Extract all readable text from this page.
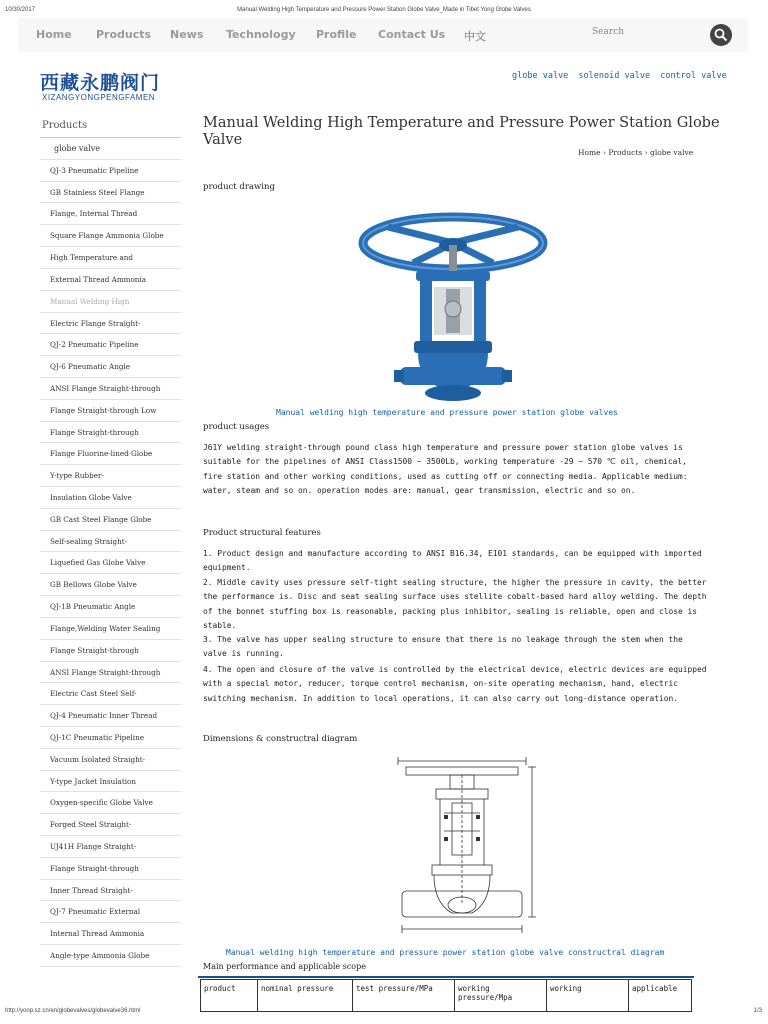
10/30/2017	Manual Welding High Temperature and Pressure Power Station Globe Valve_Made in Tibet Yong Globe Valves
Home Products News Technology Profile Contact Us 中文	Search
西藏永鹏阀门
XIZANGYONGPENGFAMEN
globe valve solenoid valve control valve
Products
globe valve
QJ-3 Pneumatic Pipeline
GB Stainless Steel Flange
Flange, Internal Thread
Square Flange Ammonia Globe
High Temperature and
External Thread Ammonia
Manual Welding High
Electric Flange Straight-
QJ-2 Pneumatic Pipeline
QJ-6 Pneumatic Angle
ANSI Flange Straight-through
Flange Straight-through Low
Flange Straight-through
Flange Fluorine-lined Globe
Y-type Rubber-
Insulation Globe Valve
GB Cast Steel Flange Globe
Self-sealing Straight-
Liquefied Gas Globe Valve
GB Bellows Globe Valve
QJ-1B Pneumatic Angle
Flange,Welding Water Sealing
Flange Straight-through
ANSI Flange Straight-through
Electric Cast Steel Self-
QJ-4 Pneumatic Inner Thread
QJ-1C Pneumatic Pipeline
Vacuum Isolated Straight-
Y-type Jacket Insulation
Oxygen-specific Globe Valve
Forged Steel Straight-
UJ41H Flange Straight-
Flange Straight-through
Inner Thread Straight-
QJ-7 Pneumatic External
Internal Thread Ammonia
Angle-type Ammonia Globe
Manual Welding High Temperature and Pressure Power Station Globe Valve
Home › Products › globe valve
product drawing
Manual welding high temperature and pressure power station globe valves
product usages
J61Y welding straight-through pound class high temperature and pressure power station globe valves is suitable for the pipelines of ANSI Class1500 ~ 3500Lb, working temperature -29 ~ 570 ℃ oil, chemical, fire station and other working conditions, used as cutting off or connecting media. Applicable medium: water, steam and so on. operation modes are: manual, gear transmission, electric and so on.
Product structural features
1. Product design and manufacture according to ANSI B16.34, E101 standards, can be equipped with imported equipment.
2. Middle cavity uses pressure self-tight sealing structure, the higher the pressure in cavity, the better the performance is. Disc and seat sealing surface uses stellite cobalt-based hard alloy welding. The depth of the bonnet stuffing box is reasonable, packing plus inhibitor, sealing is reliable, open and close is stable.
3. The valve has upper sealing structure to ensure that there is no leakage through the stem when the valve is running.
4. The open and closure of the valve is controlled by the electrical device, electric devices are equipped with a special motor, reducer, torque control mechanism, on-site operating mechanism, hand, electric switching mechanism. In addition to local operations, it can also carry out long-distance operation.
Dimensions & constructral diagram
Manual welding high temperature and pressure power station globe valve constructral diagram
Main performance and applicable scope
product	nominal pressure	test pressure/MPa	working pressure/Mpa	working	applicable
http://yonp.sz.cn/en/globevalves/globevalve36.html	1/3
